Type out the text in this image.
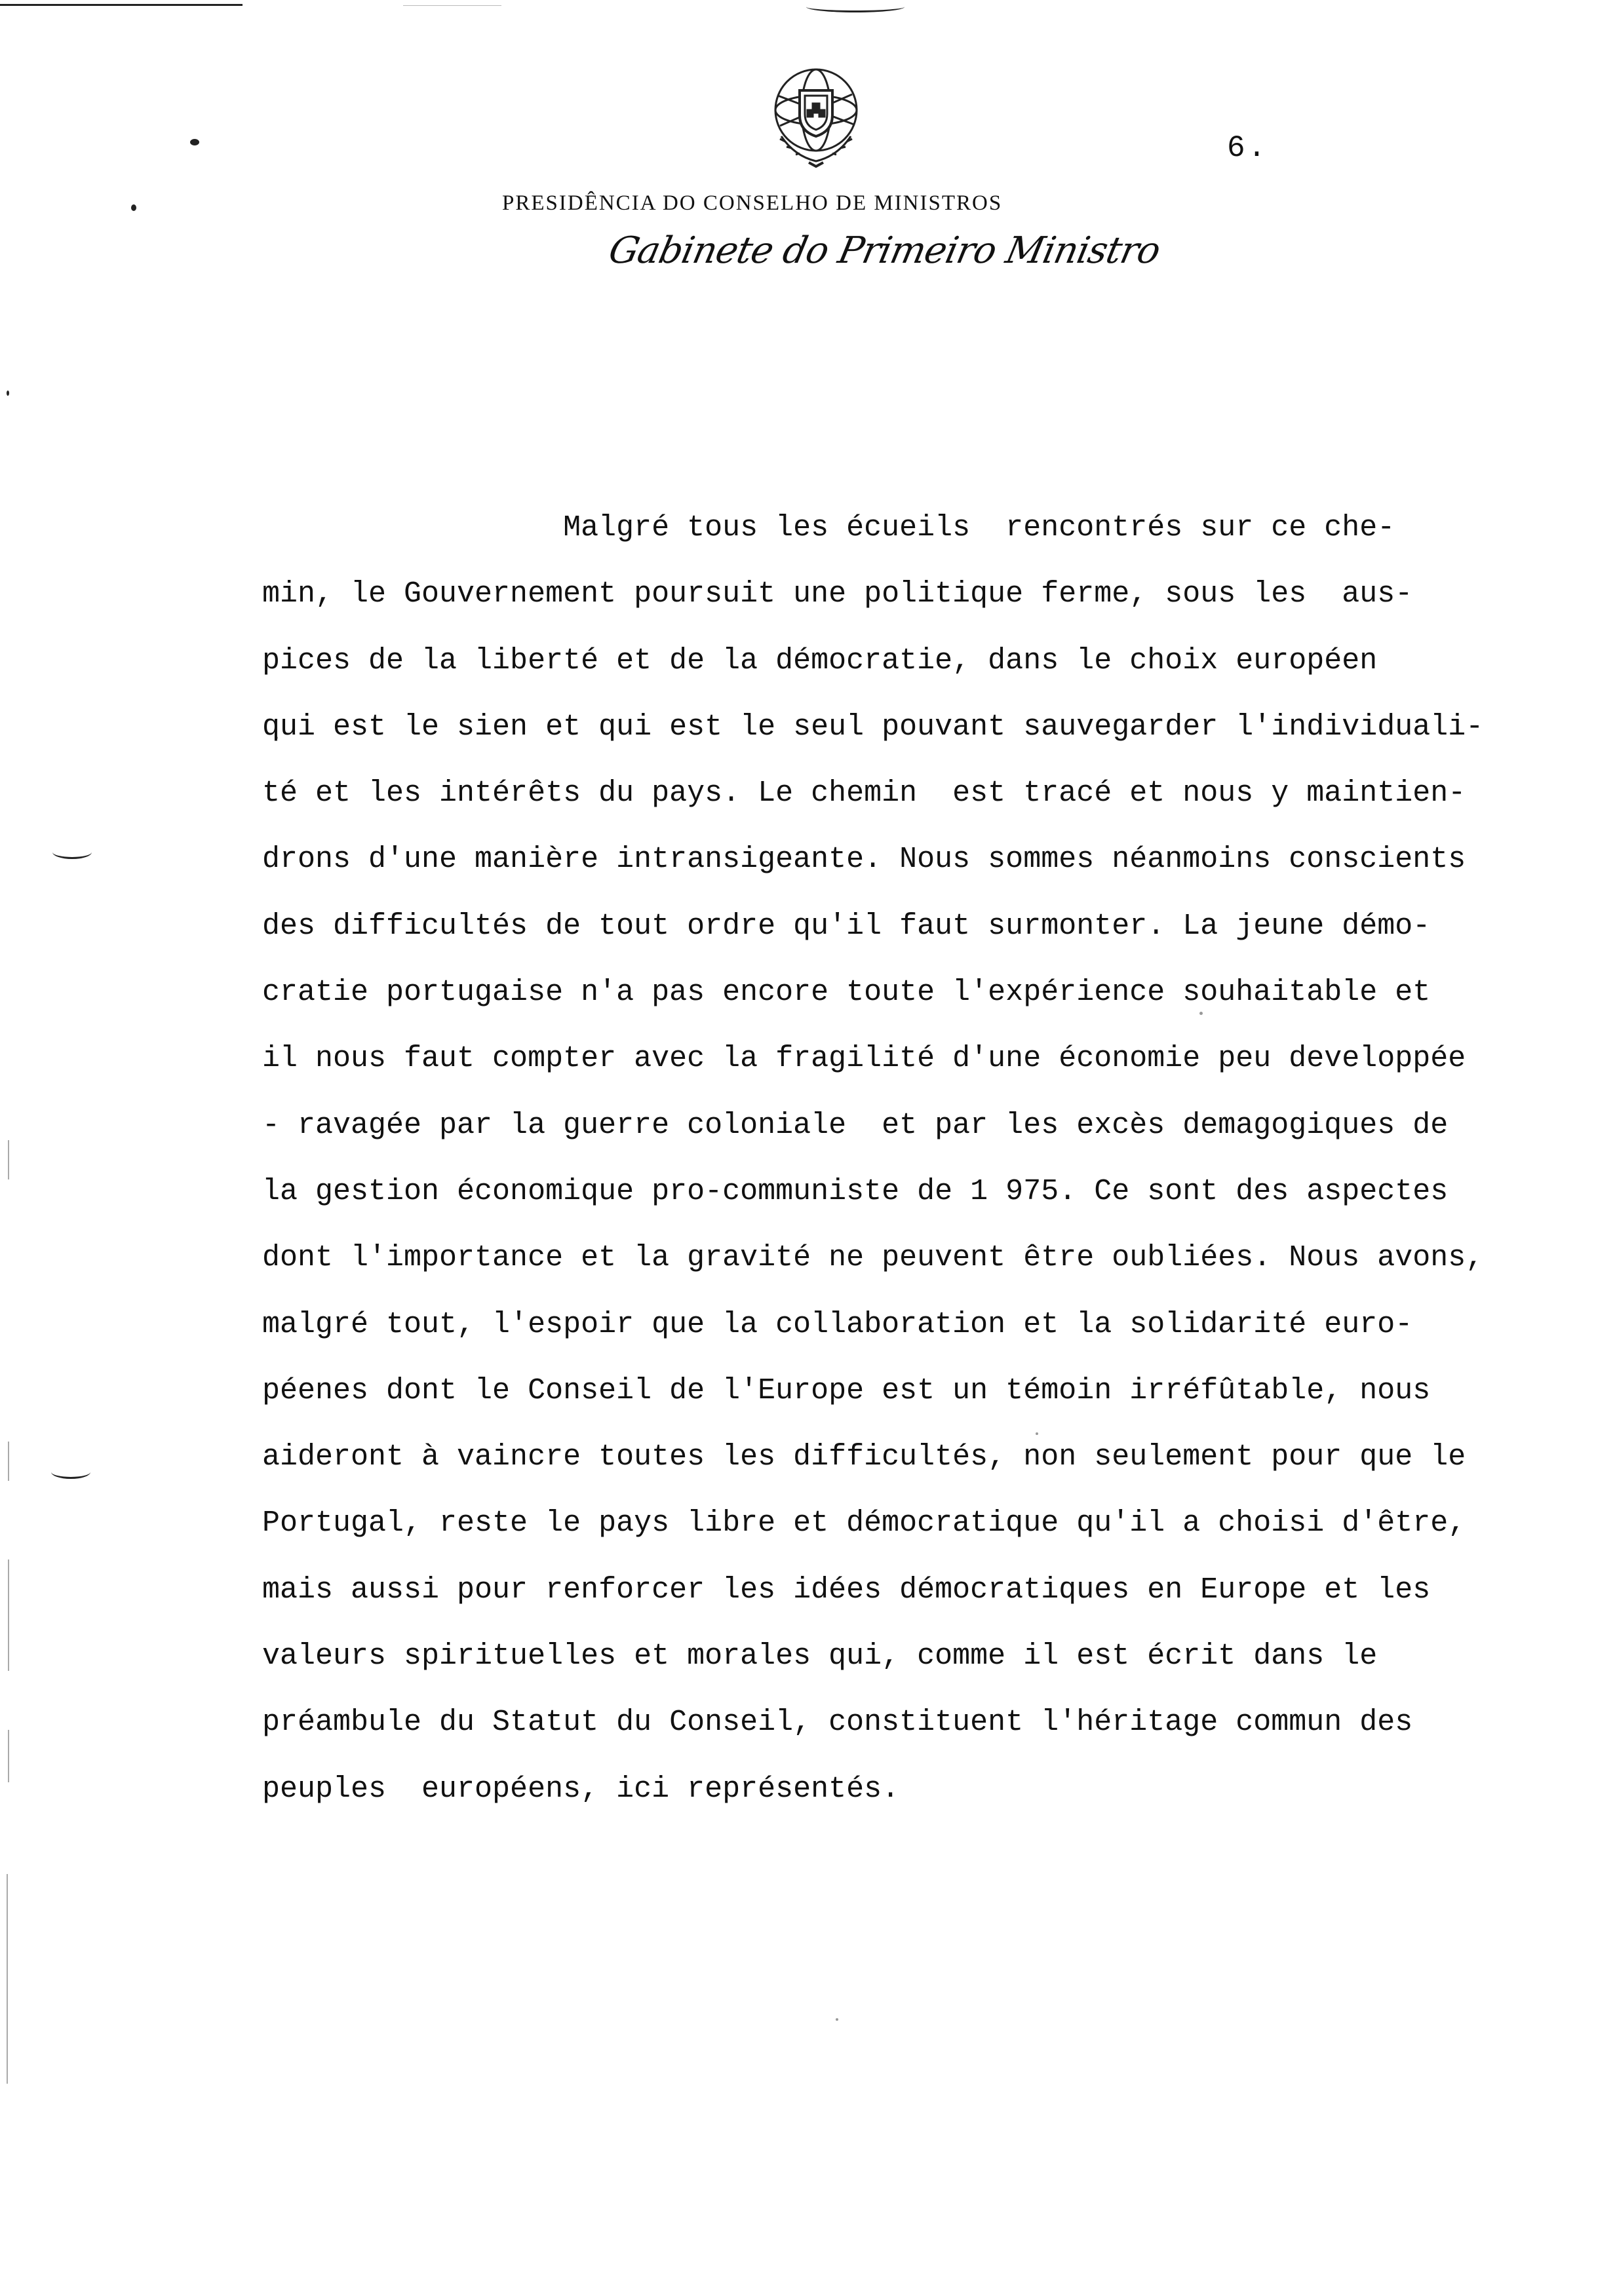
6.
PRESIDÊNCIA DO CONSELHO DE MINISTROS
Gabinete do Primeiro Ministro
Malgré tous les écueils  rencontrés sur ce che-
min, le Gouvernement poursuit une politique ferme, sous les  aus-
pices de la liberté et de la démocratie, dans le choix européen
qui est le sien et qui est le seul pouvant sauvegarder l'individuali-
té et les intérêts du pays. Le chemin  est tracé et nous y maintien-
drons d'une manière intransigeante. Nous sommes néanmoins conscients
des difficultés de tout ordre qu'il faut surmonter. La jeune démo-
cratie portugaise n'a pas encore toute l'expérience souhaitable et
il nous faut compter avec la fragilité d'une économie peu developpée
- ravagée par la guerre coloniale  et par les excès demagogiques de
la gestion économique pro-communiste de 1 975. Ce sont des aspectes
dont l'importance et la gravité ne peuvent être oubliées. Nous avons,
malgré tout, l'espoir que la collaboration et la solidarité euro-
péenes dont le Conseil de l'Europe est un témoin irréfûtable, nous
aideront à vaincre toutes les difficultés, non seulement pour que le
Portugal, reste le pays libre et démocratique qu'il a choisi d'être,
mais aussi pour renforcer les idées démocratiques en Europe et les
valeurs spirituelles et morales qui, comme il est écrit dans le
préambule du Statut du Conseil, constituent l'héritage commun des
peuples  européens, ici représentés.
